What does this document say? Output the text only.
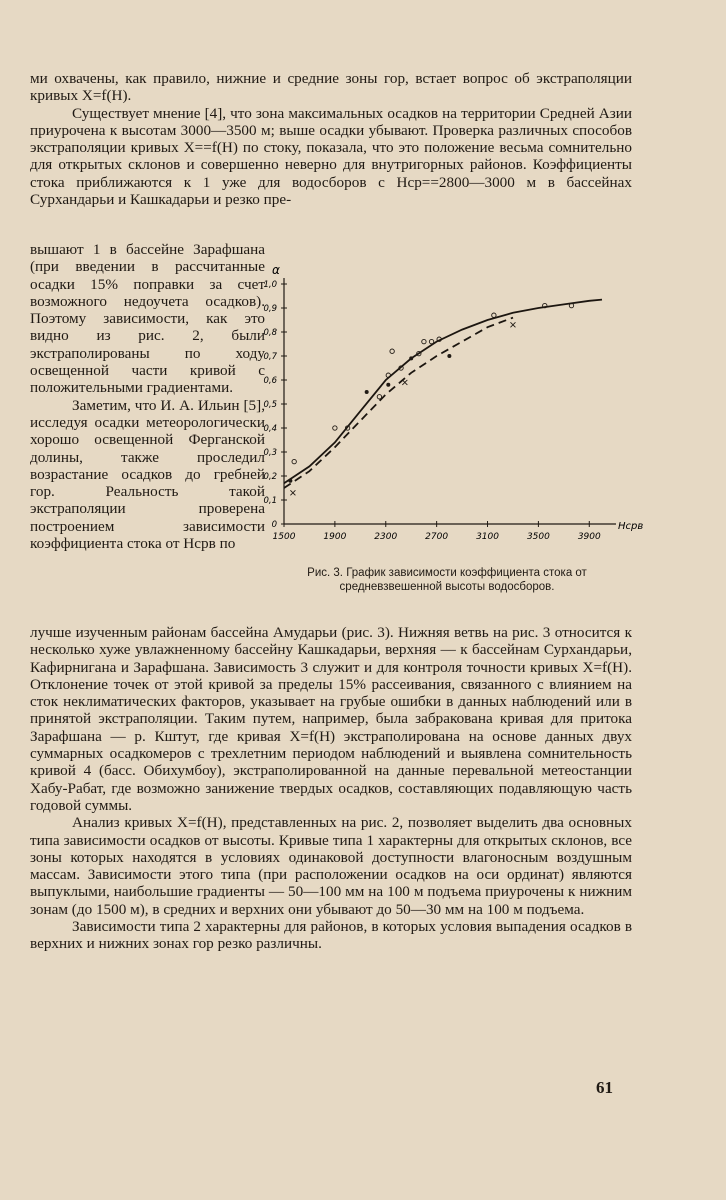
ми охвачены, как правило, нижние и средние зоны гор, встает вопрос об экстраполяции кривых X=f(H).

Существует мнение [4], что зона максимальных осадков на территории Средней Азии приурочена к высотам 3000—3500 м; выше осадки убывают. Проверка различных способов экстраполяции кривых X==f(H) по стоку, показала, что это положение весьма сомнительно для открытых склонов и совершенно неверно для внутригорных районов. Коэффициенты стока приближаются к 1 уже для водосборов с Hср==2800—3000 м в бассейнах Сурхандарьи и Кашкадарьи и резко пре-

вышают 1 в бассейне Зарафшана (при введении в рассчитанные осадки 15% поправки за счет возможного недоучета осадков). Поэтому зависимости, как это видно из рис. 2, были экстраполированы по ходу освещенной части кривой с положительными градиентами.

Заметим, что И. А. Ильин [5], исследуя осадки метеорологически хорошо освещенной Ферганской долины, также проследил возрастание осадков до гребней гор. Реальность такой экстраполяции проверена построением зависимости коэффициента стока от Hсрв по

α
Hсрв
0
0,1
0,2
0,3
0,4
0,5
0,6
0,7
0,8
0,9
1,0
1500	1900	2300	2700	3100	3500	3900
Рис. 3. График зависимости коэффициента стока от средневзвешенной высоты водосборов.

лучше изученным районам бассейна Амударьи (рис. 3). Нижняя ветвь на рис. 3 относится к несколько хуже увлажненному бассейну Кашкадарьи, верхняя — к бассейнам Сурхандарьи, Кафирнигана и Зарафшана. Зависимость 3 служит и для контроля точности кривых X=f(H). Отклонение точек от этой кривой за пределы 15% рассеивания, связанного с влиянием на сток неклиматических факторов, указывает на грубые ошибки в данных наблюдений или в принятой экстраполяции. Таким путем, например, была забракована кривая для притока Зарафшана — р. Кштут, где кривая X=f(H) экстраполирована на основе данных двух суммарных осадкомеров с трехлетним периодом наблюдений и выявлена сомнительность кривой 4 (басс. Обихумбоу), экстраполированной на данные перевальной метеостанции Хабу-Рабат, где возможно занижение твердых осадков, составляющих подавляющую часть годовой суммы.

Анализ кривых X=f(H), представленных на рис. 2, позволяет выделить два основных типа зависимости осадков от высоты. Кривые типа 1 характерны для открытых склонов, все зоны которых находятся в условиях одинаковой доступности влагоносным воздушным массам. Зависимости этого типа (при расположении осадков на оси ординат) являются выпуклыми, наибольшие градиенты — 50—100 мм на 100 м подъема приурочены к нижним зонам (до 1500 м), в средних и верхних они убывают до 50—30 мм на 100 м подъема.

Зависимости типа 2 характерны для районов, в которых условия выпадения осадков в верхних и нижних зонах гор резко различны.

61
